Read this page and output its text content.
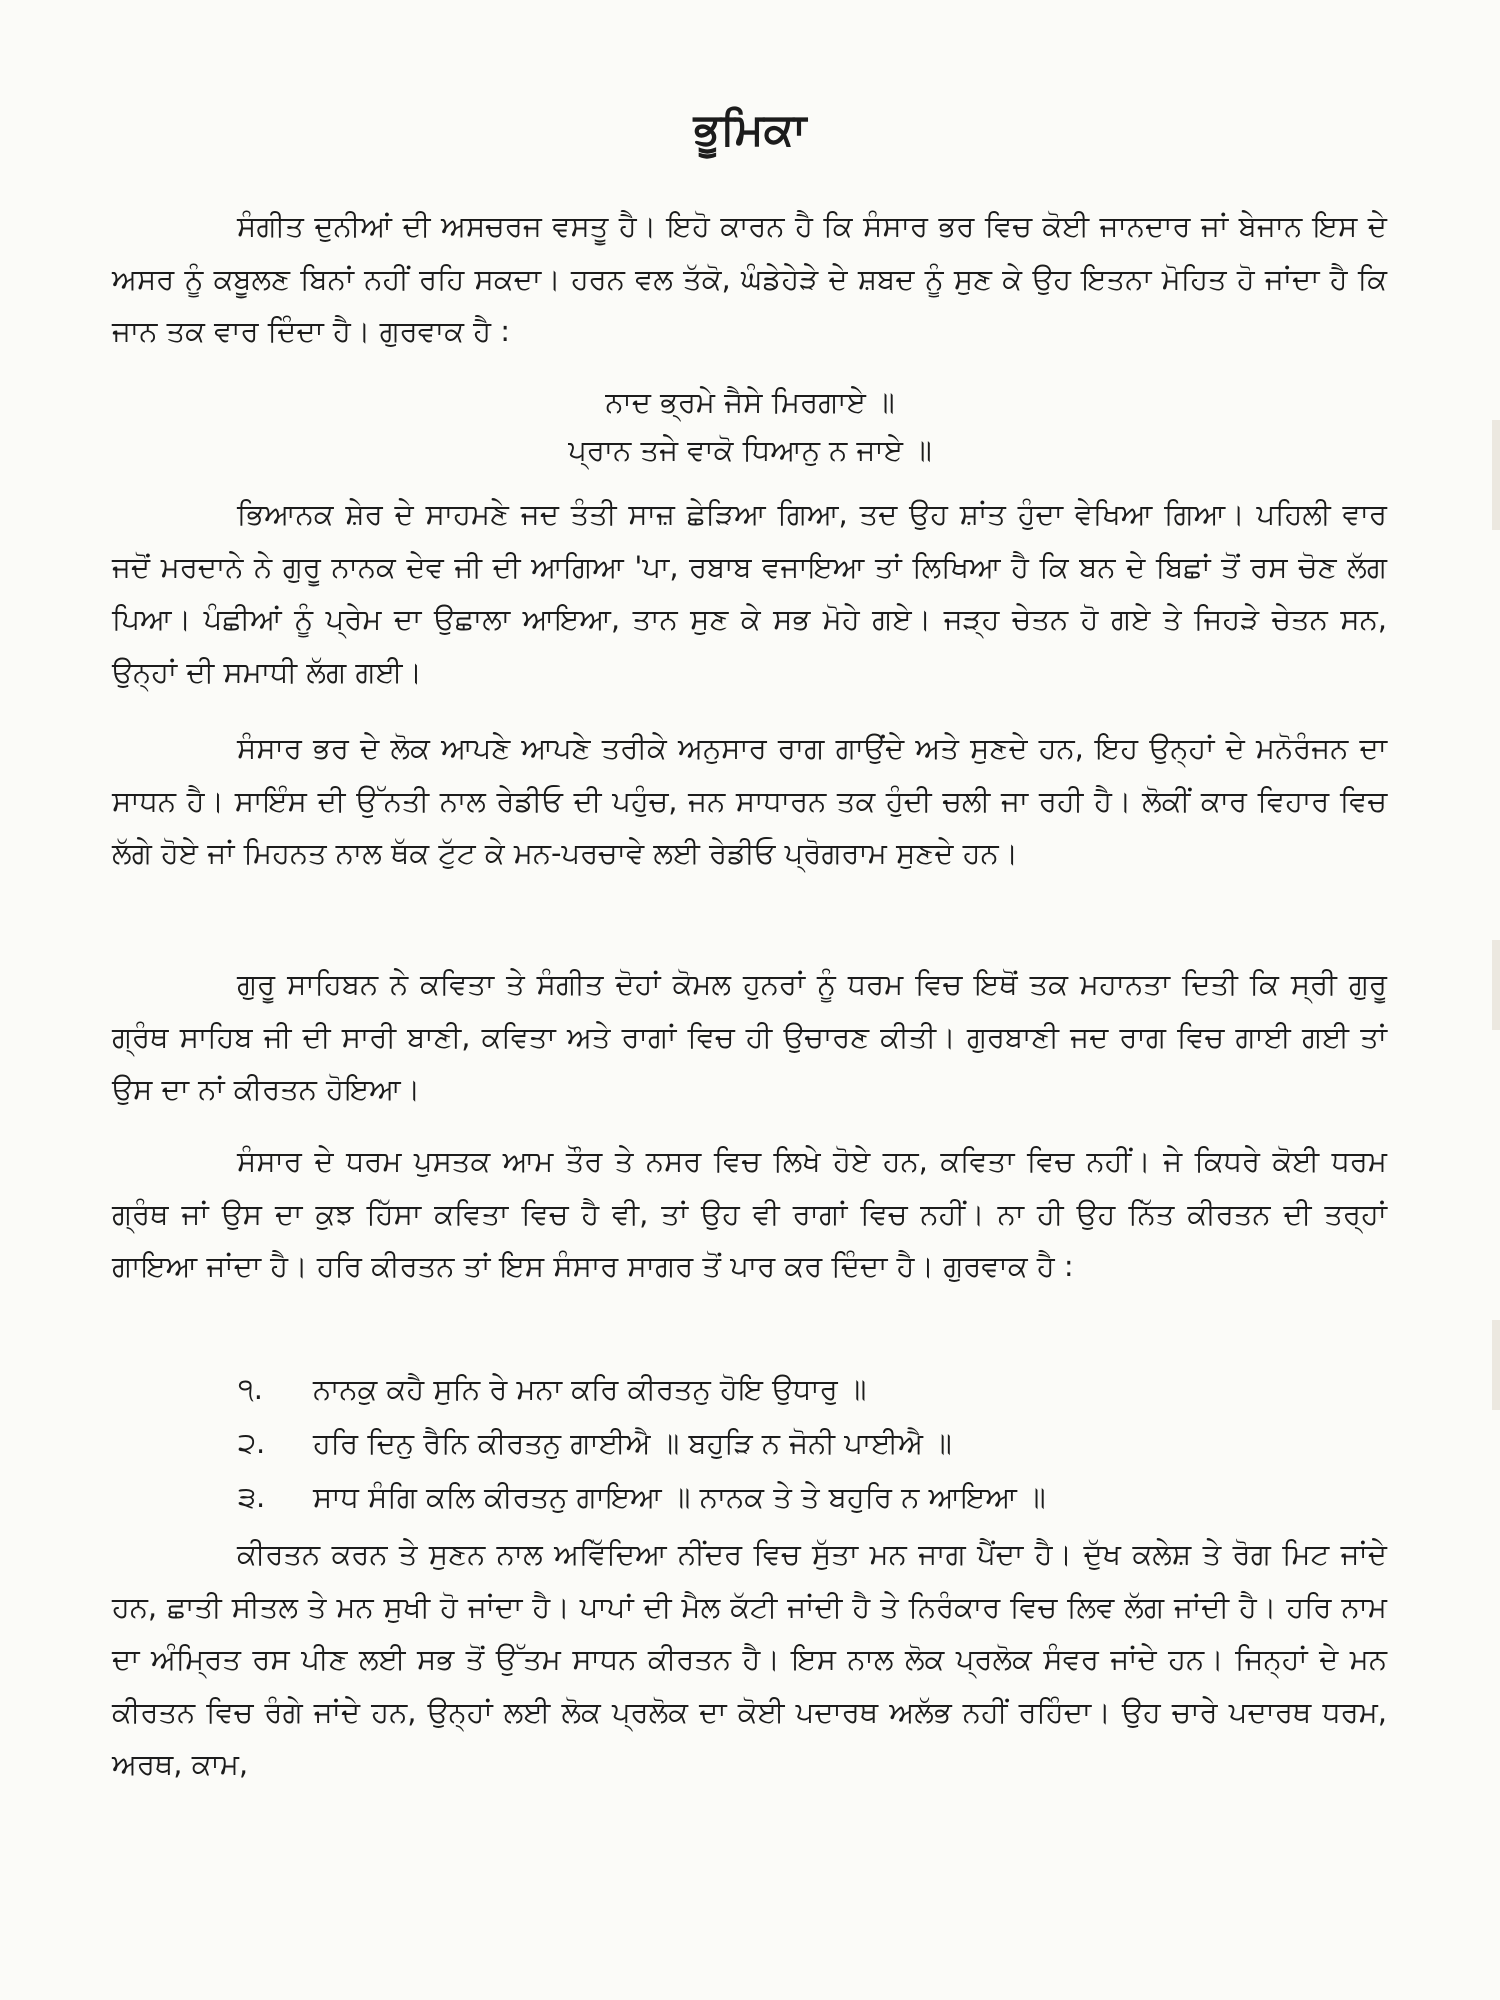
ਭੂਮਿਕਾ

ਸੰਗੀਤ ਦੁਨੀਆਂ ਦੀ ਅਸਚਰਜ ਵਸਤੂ ਹੈ। ਇਹੋ ਕਾਰਨ ਹੈ ਕਿ ਸੰਸਾਰ ਭਰ ਵਿਚ ਕੋਈ ਜਾਨਦਾਰ ਜਾਂ ਬੇਜਾਨ ਇਸ ਦੇ ਅਸਰ ਨੂੰ ਕਬੂਲਣ ਬਿਨਾਂ ਨਹੀਂ ਰਹਿ ਸਕਦਾ। ਹਰਨ ਵਲ ਤੱਕੋ, ਘੰਡੇਹੇੜੇ ਦੇ ਸ਼ਬਦ ਨੂੰ ਸੁਣ ਕੇ ਉਹ ਇਤਨਾ ਮੋਹਿਤ ਹੋ ਜਾਂਦਾ ਹੈ ਕਿ ਜਾਨ ਤਕ ਵਾਰ ਦਿੰਦਾ ਹੈ। ਗੁਰਵਾਕ ਹੈ :

ਨਾਦ ਭ੍ਰਮੇ ਜੈਸੇ ਮਿਰਗਾਏ ॥
ਪ੍ਰਾਨ ਤਜੇ ਵਾਕੋ ਧਿਆਨੁ ਨ ਜਾਏ ॥

ਭਿਆਨਕ ਸ਼ੇਰ ਦੇ ਸਾਹਮਣੇ ਜਦ ਤੰਤੀ ਸਾਜ਼ ਛੇੜਿਆ ਗਿਆ, ਤਦ ਉਹ ਸ਼ਾਂਤ ਹੁੰਦਾ ਵੇਖਿਆ ਗਿਆ। ਪਹਿਲੀ ਵਾਰ ਜਦੋਂ ਮਰਦਾਨੇ ਨੇ ਗੁਰੂ ਨਾਨਕ ਦੇਵ ਜੀ ਦੀ ਆਗਿਆ 'ਪਾ, ਰਬਾਬ ਵਜਾਇਆ ਤਾਂ ਲਿਖਿਆ ਹੈ ਕਿ ਬਨ ਦੇ ਬਿਛਾਂ ਤੋਂ ਰਸ ਚੋਣ ਲੱਗ ਪਿਆ। ਪੰਛੀਆਂ ਨੂੰ ਪ੍ਰੇਮ ਦਾ ਉਛਾਲਾ ਆਇਆ, ਤਾਨ ਸੁਣ ਕੇ ਸਭ ਮੋਹੇ ਗਏ। ਜੜ੍ਹ ਚੇਤਨ ਹੋ ਗਏ ਤੇ ਜਿਹੜੇ ਚੇਤਨ ਸਨ, ਉਨ੍ਹਾਂ ਦੀ ਸਮਾਧੀ ਲੱਗ ਗਈ।

ਸੰਸਾਰ ਭਰ ਦੇ ਲੋਕ ਆਪਣੇ ਆਪਣੇ ਤਰੀਕੇ ਅਨੁਸਾਰ ਰਾਗ ਗਾਉਂਦੇ ਅਤੇ ਸੁਣਦੇ ਹਨ, ਇਹ ਉਨ੍ਹਾਂ ਦੇ ਮਨੋਰੰਜਨ ਦਾ ਸਾਧਨ ਹੈ। ਸਾਇੰਸ ਦੀ ਉੱਨਤੀ ਨਾਲ ਰੇਡੀਓ ਦੀ ਪਹੁੰਚ, ਜਨ ਸਾਧਾਰਨ ਤਕ ਹੁੰਦੀ ਚਲੀ ਜਾ ਰਹੀ ਹੈ। ਲੋਕੀਂ ਕਾਰ ਵਿਹਾਰ ਵਿਚ ਲੱਗੇ ਹੋਏ ਜਾਂ ਮਿਹਨਤ ਨਾਲ ਥੱਕ ਟੁੱਟ ਕੇ ਮਨ-ਪਰਚਾਵੇ ਲਈ ਰੇਡੀਓ ਪ੍ਰੋਗਰਾਮ ਸੁਣਦੇ ਹਨ।

ਗੁਰੂ ਸਾਹਿਬਨ ਨੇ ਕਵਿਤਾ ਤੇ ਸੰਗੀਤ ਦੋਹਾਂ ਕੋਮਲ ਹੁਨਰਾਂ ਨੂੰ ਧਰਮ ਵਿਚ ਇਥੋਂ ਤਕ ਮਹਾਨਤਾ ਦਿਤੀ ਕਿ ਸ੍ਰੀ ਗੁਰੂ ਗ੍ਰੰਥ ਸਾਹਿਬ ਜੀ ਦੀ ਸਾਰੀ ਬਾਣੀ, ਕਵਿਤਾ ਅਤੇ ਰਾਗਾਂ ਵਿਚ ਹੀ ਉਚਾਰਣ ਕੀਤੀ। ਗੁਰਬਾਣੀ ਜਦ ਰਾਗ ਵਿਚ ਗਾਈ ਗਈ ਤਾਂ ਉਸ ਦਾ ਨਾਂ ਕੀਰਤਨ ਹੋਇਆ।

ਸੰਸਾਰ ਦੇ ਧਰਮ ਪੁਸਤਕ ਆਮ ਤੌਰ ਤੇ ਨਸਰ ਵਿਚ ਲਿਖੇ ਹੋਏ ਹਨ, ਕਵਿਤਾ ਵਿਚ ਨਹੀਂ। ਜੇ ਕਿਧਰੇ ਕੋਈ ਧਰਮ ਗ੍ਰੰਥ ਜਾਂ ਉਸ ਦਾ ਕੁਝ ਹਿੱਸਾ ਕਵਿਤਾ ਵਿਚ ਹੈ ਵੀ, ਤਾਂ ਉਹ ਵੀ ਰਾਗਾਂ ਵਿਚ ਨਹੀਂ। ਨਾ ਹੀ ਉਹ ਨਿੱਤ ਕੀਰਤਨ ਦੀ ਤਰ੍ਹਾਂ ਗਾਇਆ ਜਾਂਦਾ ਹੈ। ਹਰਿ ਕੀਰਤਨ ਤਾਂ ਇਸ ਸੰਸਾਰ ਸਾਗਰ ਤੋਂ ਪਾਰ ਕਰ ਦਿੰਦਾ ਹੈ। ਗੁਰਵਾਕ ਹੈ :

੧.	ਨਾਨਕੁ ਕਹੈ ਸੁਨਿ ਰੇ ਮਨਾ ਕਰਿ ਕੀਰਤਨੁ ਹੋਇ ਉਧਾਰੁ ॥
੨.	ਹਰਿ ਦਿਨੁ ਰੈਨਿ ਕੀਰਤਨੁ ਗਾਈਐ ॥ ਬਹੁੜਿ ਨ ਜੋਨੀ ਪਾਈਐ ॥
੩.	ਸਾਧ ਸੰਗਿ ਕਲਿ ਕੀਰਤਨੁ ਗਾਇਆ ॥ ਨਾਨਕ ਤੇ ਤੇ ਬਹੁਰਿ ਨ ਆਇਆ ॥

ਕੀਰਤਨ ਕਰਨ ਤੇ ਸੁਣਨ ਨਾਲ ਅਵਿੱਦਿਆ ਨੀਂਦਰ ਵਿਚ ਸੁੱਤਾ ਮਨ ਜਾਗ ਪੈਂਦਾ ਹੈ। ਦੁੱਖ ਕਲੇਸ਼ ਤੇ ਰੋਗ ਮਿਟ ਜਾਂਦੇ ਹਨ, ਛਾਤੀ ਸੀਤਲ ਤੇ ਮਨ ਸੁਖੀ ਹੋ ਜਾਂਦਾ ਹੈ। ਪਾਪਾਂ ਦੀ ਮੈਲ ਕੱਟੀ ਜਾਂਦੀ ਹੈ ਤੇ ਨਿਰੰਕਾਰ ਵਿਚ ਲਿਵ ਲੱਗ ਜਾਂਦੀ ਹੈ। ਹਰਿ ਨਾਮ ਦਾ ਅੰਮ੍ਰਿਤ ਰਸ ਪੀਣ ਲਈ ਸਭ ਤੋਂ ਉੱਤਮ ਸਾਧਨ ਕੀਰਤਨ ਹੈ। ਇਸ ਨਾਲ ਲੋਕ ਪ੍ਰਲੋਕ ਸੰਵਰ ਜਾਂਦੇ ਹਨ। ਜਿਨ੍ਹਾਂ ਦੇ ਮਨ ਕੀਰਤਨ ਵਿਚ ਰੰਗੇ ਜਾਂਦੇ ਹਨ, ਉਨ੍ਹਾਂ ਲਈ ਲੋਕ ਪ੍ਰਲੋਕ ਦਾ ਕੋਈ ਪਦਾਰਥ ਅਲੱਭ ਨਹੀਂ ਰਹਿੰਦਾ। ਉਹ ਚਾਰੇ ਪਦਾਰਥ ਧਰਮ, ਅਰਥ, ਕਾਮ,
